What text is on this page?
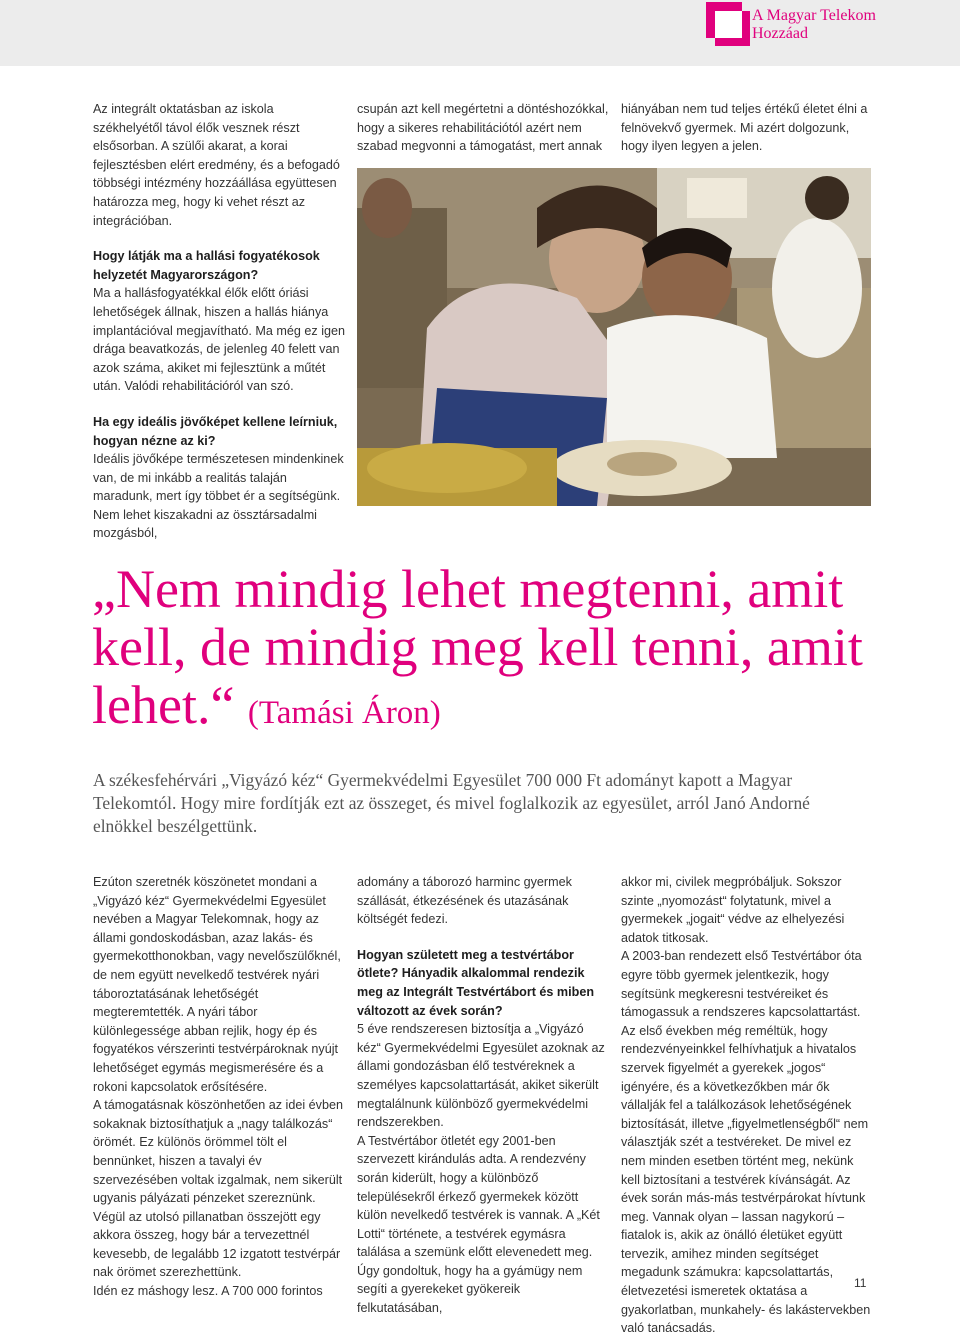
A Magyar Telekom
Hozzáad

Az integrált oktatásban az iskola székhelyétől távol élők vesznek részt elsősorban. A szülői akarat, a korai fejlesztésben elért eredmény, és a befogadó többségi intézmény hozzáállása együttesen határozza meg, hogy ki vehet részt az integrációban.

Hogy látják ma a hallási fogyatékosok helyzetét Magyarországon?

Ma a hallásfogyatékkal élők előtt óriási lehetőségek állnak, hiszen a hallás hiánya implantációval megjavítható. Ma még ez igen drága beavatkozás, de jelenleg 40 felett van azok száma, akiket mi fejlesztünk a műtét után. Valódi rehabilitációról van szó.

Ha egy ideális jövőképet kellene leírniuk, hogyan nézne az ki?

Ideális jövőképe természetesen mindenkinek van, de mi inkább a realitás talaján maradunk, mert így többet ér a segítségünk. Nem lehet kiszakadni az össztársadalmi mozgásból,

csupán azt kell megértetni a döntéshozókkal, hogy a sikeres rehabilitációtól azért nem szabad megvonni a támogatást, mert annak

hiányában nem tud teljes értékű életet élni a felnövekvő gyermek. Mi azért dolgozunk, hogy ilyen legyen a jelen.

„Nem mindig lehet megtenni, amit kell, de mindig meg kell tenni, amit lehet.“ (Tamási Áron)
A székesfehérvári „Vigyázó kéz“ Gyermekvédelmi Egyesület 700 000 Ft adományt kapott a Magyar Telekomtól. Hogy mire fordítják ezt az összeget, és mivel foglalkozik az egyesület, arról Janó Andorné elnökkel beszélgettünk.

Ezúton szeretnék köszönetet mondani a „Vigyázó kéz“ Gyermekvédelmi Egyesület nevében a Magyar Telekomnak, hogy az állami gondoskodásban, azaz lakás- és gyermekotthonokban, vagy nevelőszülőknél, de nem együtt nevelkedő testvérek nyári táboroztatásának lehetőségét megteremtették. A nyári tábor különlegessége abban rejlik, hogy ép és fogyatékos vérszerinti testvérpároknak nyújt lehetőséget egymás megismerésére és a rokoni kapcsolatok erősítésére.

A támogatásnak köszönhetően az idei évben sokaknak biztosíthatjuk a „nagy találkozás“ örömét. Ez különös örömmel tölt el bennünket, hiszen a tavalyi év szervezésében voltak izgalmak, nem sikerült ugyanis pályázati pénzeket szereznünk. Végül az utolsó pillanatban összejött egy akkora összeg, hogy bár a tervezettnél kevesebb, de legalább 12 izgatott testvérpár nak örömet szerezhettünk.

Idén ez máshogy lesz. A 700 000 forintos

adomány a táborozó harminc gyermek szállását, étkezésének és utazásának költségét fedezi.

Hogyan született meg a testvértábor ötlete? Hányadik alkalommal rendezik meg az Integrált Testvértábort és miben változott az évek során?

5 éve rendszeresen biztosítja a „Vigyázó kéz“ Gyermekvédelmi Egyesület azoknak az állami gondozásban élő testvéreknek a személyes kapcsolattartását, akiket sikerült megtalálnunk különböző gyermekvédelmi rendszerekben.

A Testvértábor ötletét egy 2001-ben szervezett kirándulás adta. A rendezvény során kiderült, hogy a különböző településekről érkező gyermekek között külön nevelkedő testvérek is vannak. A „Két Lotti“ története, a testvérek egymásra találása a szemünk előtt elevenedett meg. Úgy gondoltuk, hogy ha a gyámügy nem segíti a gyerekeket gyökereik felkutatásában,

akkor mi, civilek megpróbáljuk. Sokszor szinte „nyomozást“ folytatunk, mivel a gyermekek „jogait“ védve az elhelyezési adatok titkosak.

A 2003-ban rendezett első Testvértábor óta egyre több gyermek jelentkezik, hogy segítsünk megkeresni testvéreiket és támogassuk a rendszeres kapcsolattartást. Az első években még reméltük, hogy rendezvényeinkkel felhívhatjuk a hivatalos szervek figyelmét a gyerekek „jogos“ igényére, és a következőkben már ők vállalják fel a találkozások lehetőségének biztosítását, illetve „figyelmetlenségből“ nem választják szét a testvéreket. De mivel ez nem minden esetben történt meg, nekünk kell biztosítani a testvérek kívánságát. Az évek során más-más testvérpárokat hívtunk meg. Vannak olyan – lassan nagykorú – fiatalok is, akik az önálló életüket együtt tervezik, amihez minden segítséget megadunk számukra: kapcsolattartás, életvezetési ismeretek oktatása a gyakorlatban, munkahely- és lakástervekben való tanácsadás.

11
